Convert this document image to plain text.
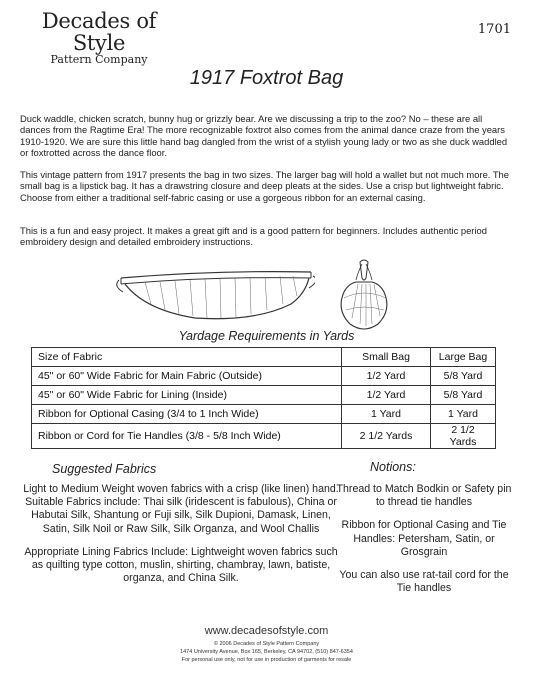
Decades of Style
Pattern Company
1701
1917 Foxtrot Bag
Duck waddle, chicken scratch, bunny hug or grizzly bear. Are we discussing a trip to the zoo? No – these are all dances from the Ragtime Era! The more recognizable foxtrot also comes from the animal dance craze from the years 1910-1920. We are sure this little hand bag dangled from the wrist of a stylish young lady or two as she duck waddled or foxtrotted across the dance floor.
This vintage pattern from 1917 presents the bag in two sizes. The larger bag will hold a wallet but not much more. The small bag is a lipstick bag. It has a drawstring closure and deep pleats at the sides. Use a crisp but lightweight fabric. Choose from either a traditional self-fabric casing or use a gorgeous ribbon for an external casing.
This is a fun and easy project. It makes a great gift and is a good pattern for beginners. Includes authentic period embroidery design and detailed embroidery instructions.
Yardage Requirements in Yards
Size of Fabric	Small Bag	Large Bag
45" or 60" Wide Fabric for Main Fabric (Outside)	1/2 Yard	5/8 Yard
45" or 60" Wide Fabric for Lining (Inside)	1/2 Yard	5/8 Yard
Ribbon for Optional Casing (3/4 to 1 Inch Wide)	1 Yard	1 Yard
Ribbon or Cord for Tie Handles (3/8 - 5/8 Inch Wide)	2 1/2 Yards	2 1/2 Yards
Suggested Fabrics

Light to Medium Weight woven fabrics with a crisp (like linen) hand. Suitable Fabrics include: Thai silk (iridescent is fabulous), China or Habutai Silk, Shantung or Fuji silk, Silk Dupioni, Damask, Linen, Satin, Silk Noil or Raw Silk, Silk Organza, and Wool Challis

Appropriate Lining Fabrics Include: Lightweight woven fabrics such as quilting type cotton, muslin, shirting, chambray, lawn, batiste, organza, and China Silk.

Notions:

Thread to Match Bodkin or Safety pin to thread tie handles

Ribbon for Optional Casing and Tie Handles: Petersham, Satin, or Grosgrain

You can also use rat-tail cord for the Tie handles

www.decadesofstyle.com
© 2006 Decades of Style Pattern Company
1474 University Avenue, Box 165, Berkeley, CA 94702, (510) 847-6354
For personal use only, not for use in production of garments for resale
